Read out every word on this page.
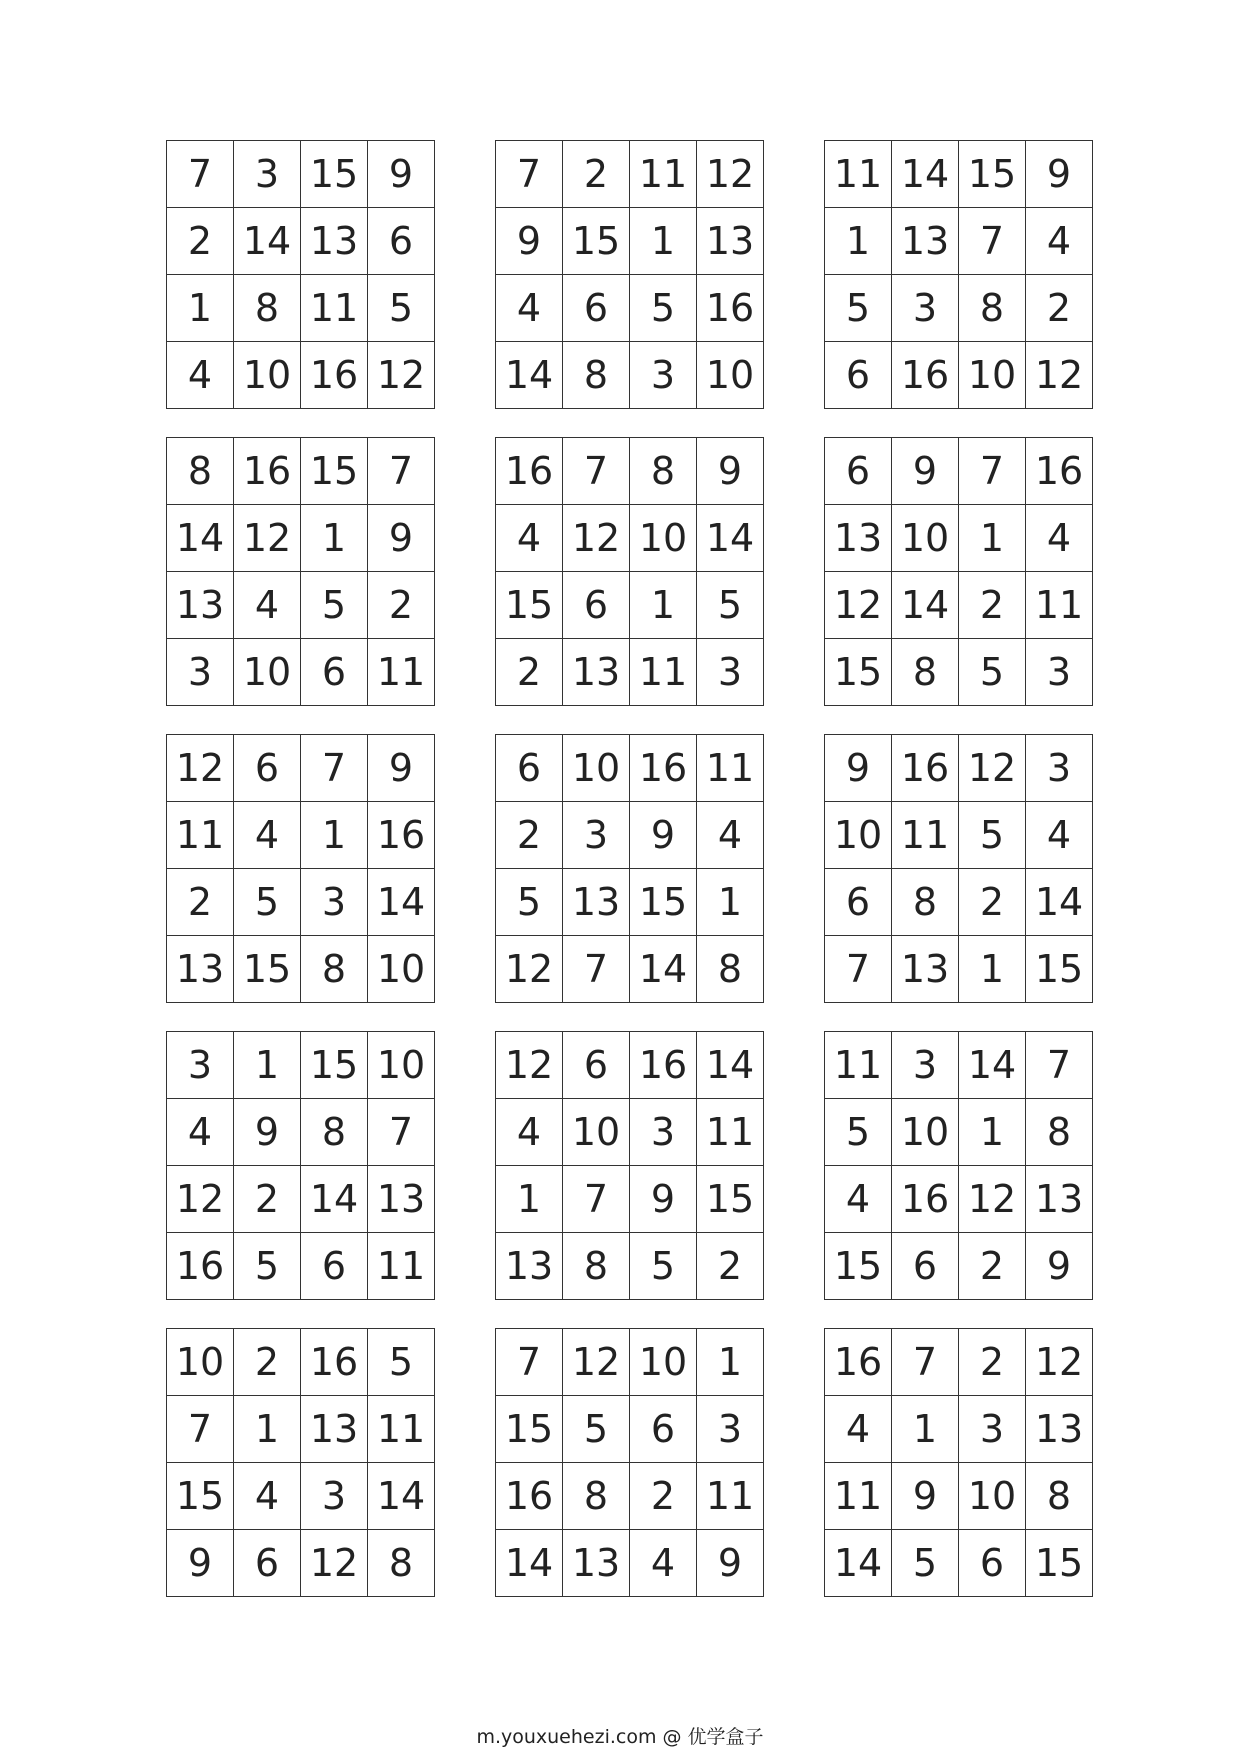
7	3	15	9
2	14	13	6
1	8	11	5
4	10	16	12
7	2	11	12
9	15	1	13
4	6	5	16
14	8	3	10
11	14	15	9
1	13	7	4
5	3	8	2
6	16	10	12
8	16	15	7
14	12	1	9
13	4	5	2
3	10	6	11
16	7	8	9
4	12	10	14
15	6	1	5
2	13	11	3
6	9	7	16
13	10	1	4
12	14	2	11
15	8	5	3
12	6	7	9
11	4	1	16
2	5	3	14
13	15	8	10
6	10	16	11
2	3	9	4
5	13	15	1
12	7	14	8
9	16	12	3
10	11	5	4
6	8	2	14
7	13	1	15
3	1	15	10
4	9	8	7
12	2	14	13
16	5	6	11
12	6	16	14
4	10	3	11
1	7	9	15
13	8	5	2
11	3	14	7
5	10	1	8
4	16	12	13
15	6	2	9
10	2	16	5
7	1	13	11
15	4	3	14
9	6	12	8
7	12	10	1
15	5	6	3
16	8	2	11
14	13	4	9
16	7	2	12
4	1	3	13
11	9	10	8
14	5	6	15
m.youxuehezi.com @ 优学盒子
